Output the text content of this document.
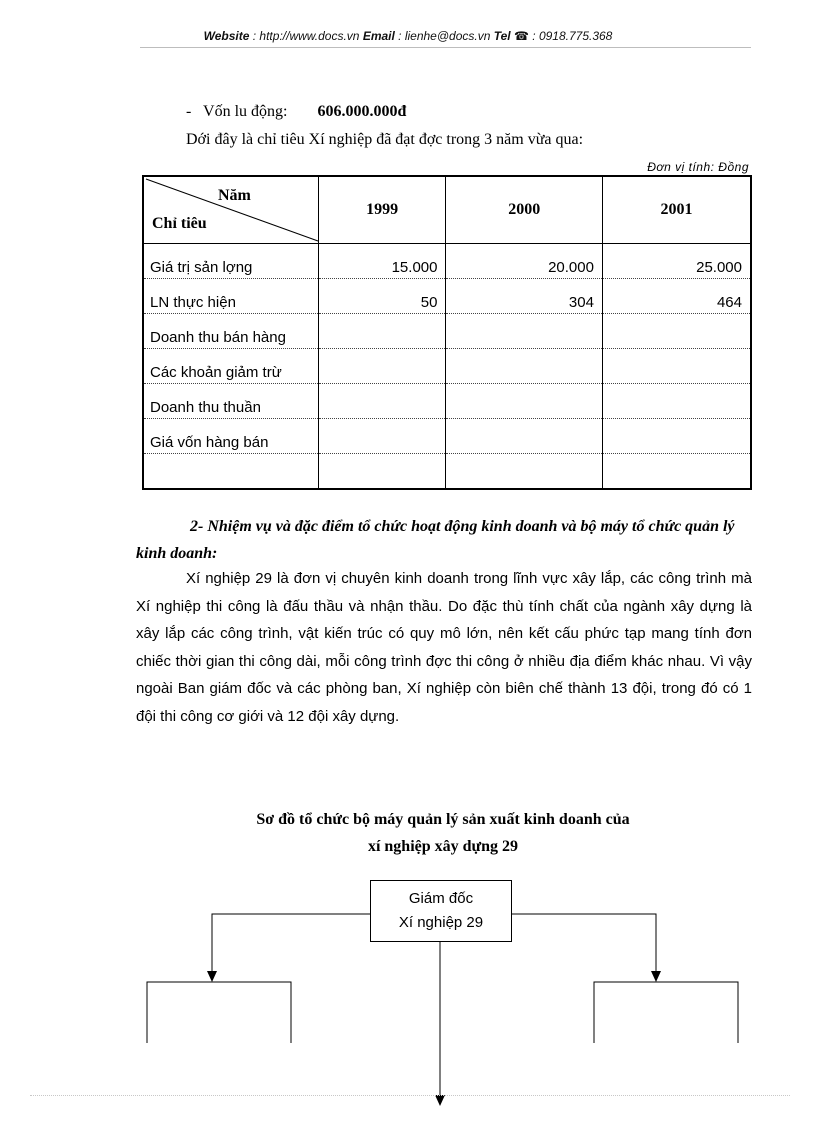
Website : http://www.docs.vn Email : lienhe@docs.vn Tel ☎ : 0918.775.368
- Vốn lu động: 606.000.000đ
Dới đây là chỉ tiêu Xí nghiệp đã đạt đợc trong 3 năm vừa qua:
Đơn vị tính: Đồng
Năm
Chỉ tiêu	1999	2000	2001
Giá trị sản lợng	15.000	20.000	25.000
LN thực hiện	50	304	464
Doanh thu bán hàng			
Các khoản giảm trừ			
Doanh thu thuần			
Giá vốn hàng bán			

2- Nhiệm vụ và đặc điểm tổ chức hoạt động kinh doanh và bộ máy tổ chức quản lý kinh doanh:
Xí nghiệp 29 là đơn vị chuyên kinh doanh trong lĩnh vực xây lắp, các công trình mà Xí nghiệp thi công là đấu thầu và nhận thầu. Do đặc thù tính chất của ngành xây dựng là xây lắp các công trình, vật kiến trúc có quy mô lớn, nên kết cấu phức tạp mang tính đơn chiếc thời gian thi công dài, mỗi công trình đợc thi công ở nhiều địa điểm khác nhau. Vì vậy ngoài Ban giám đốc và các phòng ban, Xí nghiệp còn biên chế thành 13 đội, trong đó có 1 đội thi công cơ giới và 12 đội xây dựng.
Sơ đồ tổ chức bộ máy quản lý sản xuất kinh doanh của
xí nghiệp xây dựng 29
Giám đốc
Xí nghiệp 29
